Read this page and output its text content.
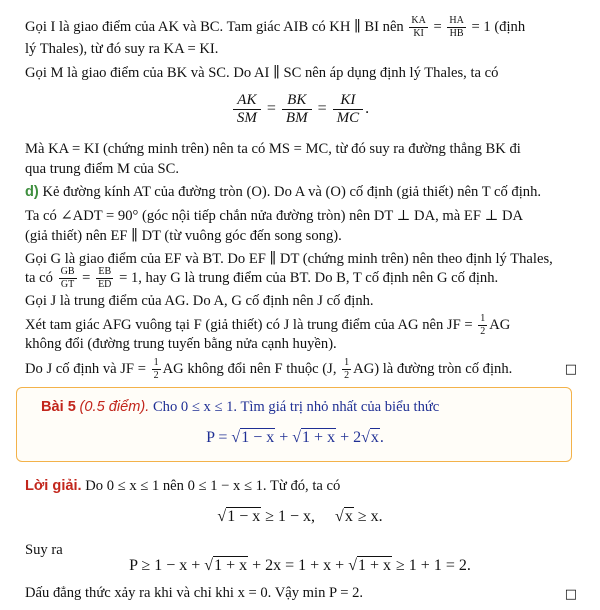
Gọi I là giao điểm của AK và BC. Tam giác AIB có KH ∥ BI nên $\frac{KA}{KI} = \frac{HA}{HB} = 1$ (định

lý Thales), từ đó suy ra KA = KI.

Gọi M là giao điểm của BK và SC. Do AI ∥ SC nên áp dụng định lý Thales, ta có

$\frac{AK}{SM} = \frac{BK}{BM} = \frac{KI}{MC}$ .

Mà KA = KI (chứng minh trên) nên ta có MS = MC, từ đó suy ra đường thẳng BK đi

qua trung điểm M của SC.

d) Kẻ đường kính AT của đường tròn (O). Do A và (O) cố định (giả thiết) nên T cố định.

Ta có ∠ADT = 90° (góc nội tiếp chắn nửa đường tròn) nên DT ⊥ DA, mà EF ⊥ DA

(giả thiết) nên EF ∥ DT (từ vuông góc đến song song).

Gọi G là giao điểm của EF và BT. Do EF ∥ DT (chứng minh trên) nên theo định lý Thales,

ta có $\frac{GB}{GT} = \frac{EB}{ED} = 1$, hay G là trung điểm của BT. Do B, T cố định nên G cố định.

Gọi J là trung điểm của AG. Do A, G cố định nên J cố định.

Xét tam giác AFG vuông tại F (giả thiết) có J là trung điểm của AG nên JF = $\frac{1}{2}$ AG

không đổi (đường trung tuyến bằng nửa cạnh huyền).

Do J cố định và JF = $\frac{1}{2}$ AG không đổi nên F thuộc (J, $\frac{1}{2} AG$) là đường tròn cố định.	□
Bài 5 (0.5 điểm). Cho 0 ≤ x ≤ 1. Tìm giá trị nhỏ nhất của biểu thức
P = √1 − x + √1 + x + 2√x.

Lời giải. Do 0 ≤ x ≤ 1 nên 0 ≤ 1 − x ≤ 1. Từ đó, ta có

√1 − x ≥ 1 − x, √x ≥ x.

Suy ra

P ≥ 1 − x + √1 + x + 2x = 1 + x + √1 + x ≥ 1 + 1 = 2.

Dấu đẳng thức xảy ra khi và chỉ khi x = 0. Vậy min P = 2.	□
